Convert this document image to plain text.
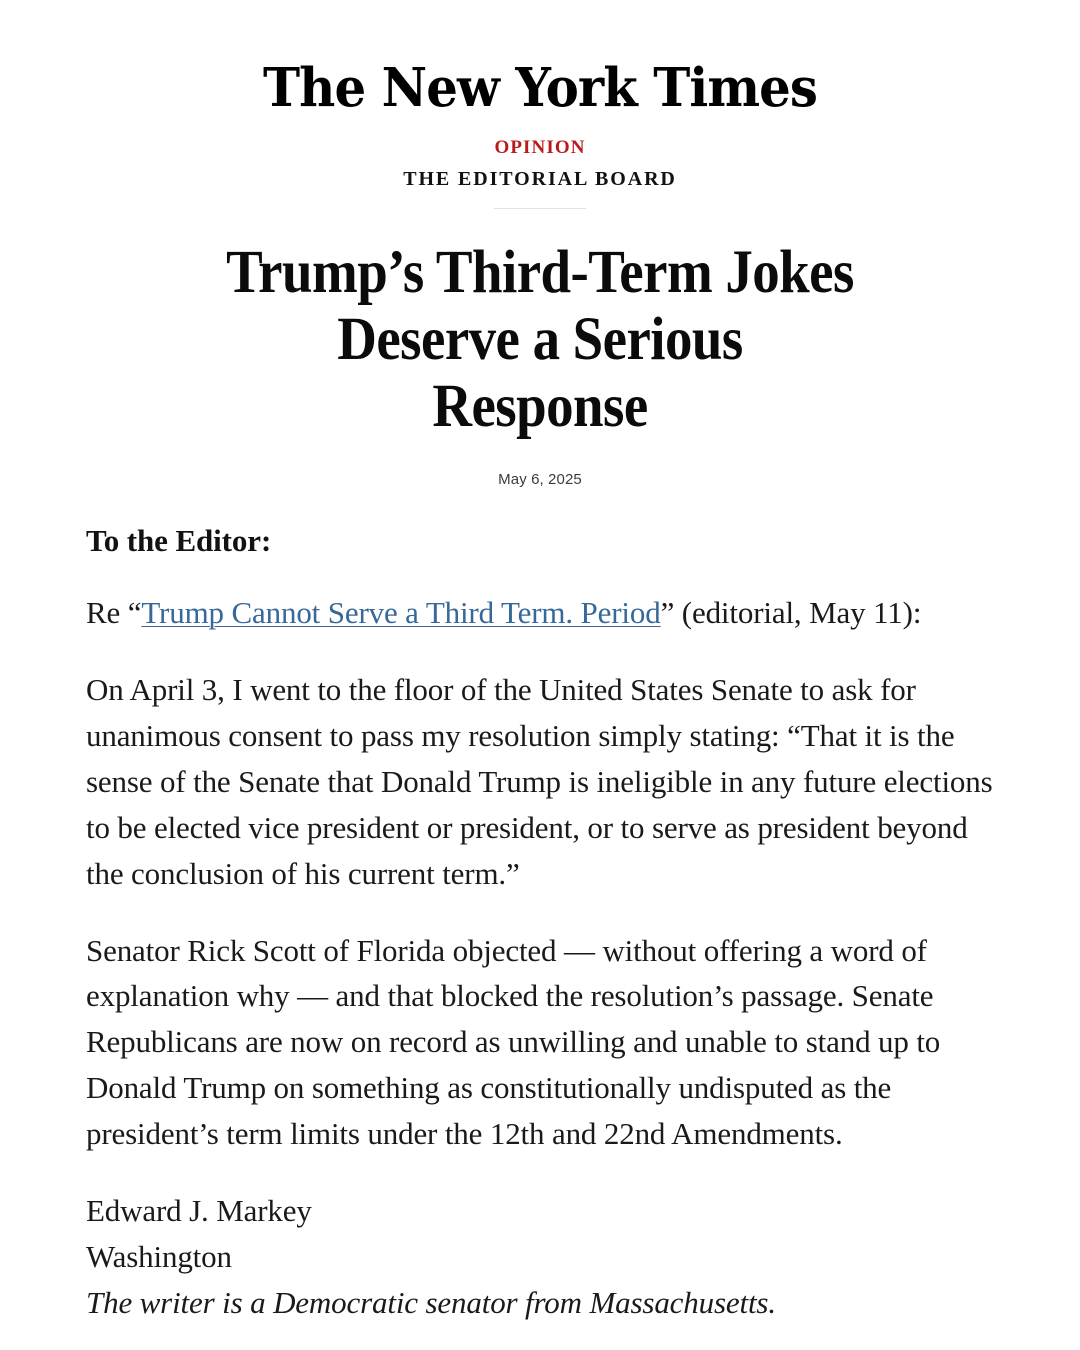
The New York Times
OPINION
THE EDITORIAL BOARD
Trump’s Third-Term Jokes
Deserve a Serious Response
May 6, 2025

To the Editor:

Re “Trump Cannot Serve a Third Term. Period” (editorial, May 11):

On April 3, I went to the floor of the United States Senate to ask for unanimous consent to pass my resolution simply stating: “That it is the sense of the Senate that Donald Trump is ineligible in any future elections to be elected vice president or president, or to serve as president beyond the conclusion of his current term.”

Senator Rick Scott of Florida objected — without offering a word of explanation why — and that blocked the resolution’s passage. Senate Republicans are now on record as unwilling and unable to stand up to Donald Trump on something as constitutionally undisputed as the president’s term limits under the 12th and 22nd Amendments.

Edward J. Markey
Washington
The writer is a Democratic senator from Massachusetts.
